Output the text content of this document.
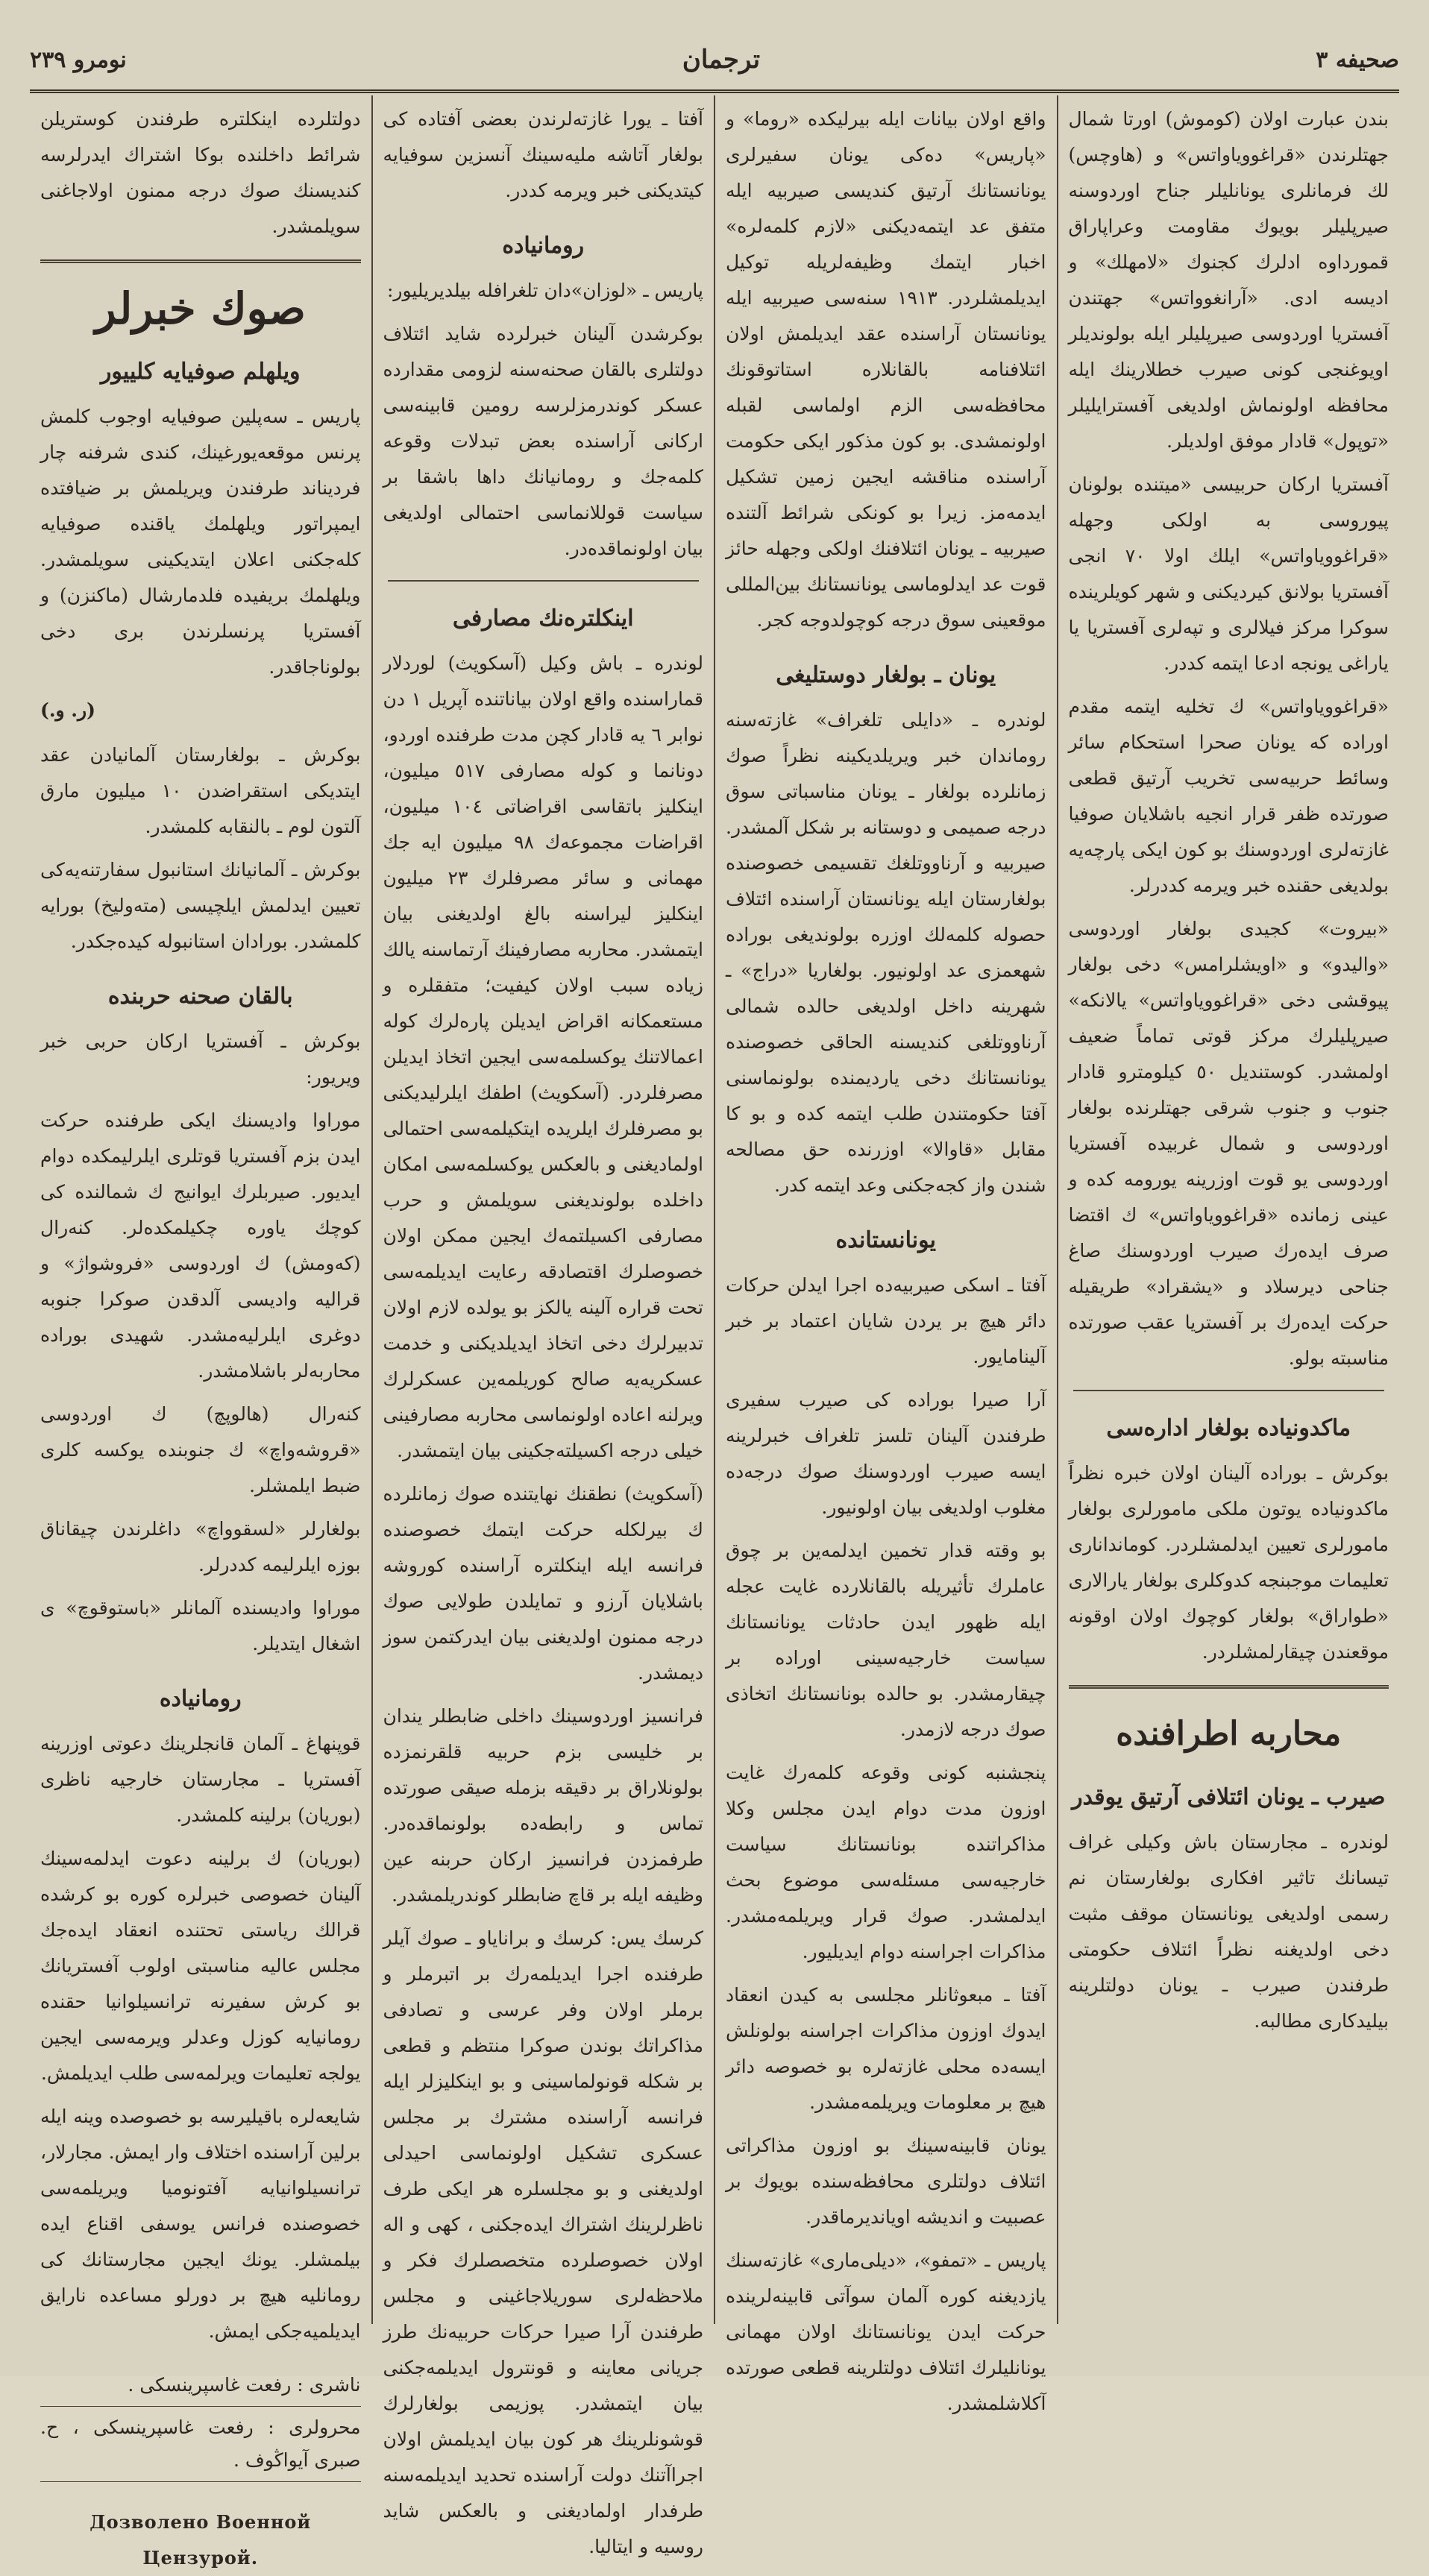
صحیفه ٣
ترجمان
نومرو ٢٣٩

بندن عبارت اولان (كوموش) اورتا شمال جهتلرندن «قراغوویاواتس» و (هاوچس) لك فرمانلری یونانلیلر جناح اوردوسنه صیرپلیلر بویوك مقاومت وعراپاراق قمورداوه ادلرك كجنوك «لامهلك» و ادیسه ادی. «آرانغوواتس» جهتندن آفستریا اوردوسی صیرپلیلر ایله بولوندیلر اویوغنجی كونی صیرب خطلارینك ایله محافظه اولونماش اولدیغی آفسترایلیلر «توپول» قادار موفق اولدیلر.

آفستریا اركان حربیسی «میتنده بولونان پیوروسی به اولكی وجهله «قراغوویاواتس» ایلك اولا ٧٠ انجی آفستریا بولانق كیردیكنی و شهر كویلرینده سوكرا مركز فیلالری و تپه‌لری آفستریا یا یاراغی یونجه ادعا ایتمه كددر.

«قراغوویاواتس» ك تخلیه ایتمه مقدم اوراده كه یونان صحرا استحكام سائر وسائط حربیه‌سی تخریب آرتیق قطعی صورتده ظفر قرار انجیه باشلایان صوفیا غازته‌لری اوردوسنك بو كون ایكی پارچه‌یه بولدیغی حقنده خبر ویرمه كددرلر.

«بیروت» كجیدی بولغار اوردوسی «والیدو» و «اویشلرامس» دخی بولغار پیوقشی دخی «قراغوویاواتس» یالانكه» صیرپلیلرك مركز قوتی تماماً ضعیف اولمشدر. كوستندیل ٥٠ كیلومترو قادار جنوب و جنوب شرقی جهتلرنده بولغار اوردوسی و شمال غربیده آفستریا اوردوسی یو قوت اوزرینه یورومه كده و عینی زمانده «قراغوویاواتس» ك اقتضا صرف ایده‌رك صیرب اوردوسنك صاغ جناحی دیرسلاد و «یشقراد» طریقیله حركت ایده‌رك بر آفستریا عقب صورتده مناسبته بولو.

ماكدونیاده بولغار اداره‌سی

بوكرش ـ بوراده آلینان اولان خبره نظراً ماكدونیاده یوتون ملكی مامورلری بولغار مامورلری تعیین ایدلمشلردر. كومانداناری تعلیمات موجبنجه كدوكلری بولغار یارالاری «طواراق» بولغار كوچوك اولان اوقونه موقعندن چیقارلمشلردر.

محاربه اطرافنده
صیرب ـ یونان ائتلافی آرتیق یوقدر

لوندره ـ مجارستان باش وكیلی غراف تیسانك تاثیر افكاری بولغارستان نم رسمی اولدیغی یونانستان موقف مثبت دخی اولدیغنه نظراً ائتلاف حكومتی طرفندن صیرب ـ یونان دولتلرینه بیلیدكاری مطالبه.

واقع اولان بیانات ایله بیرلیكده «روما» و «پاریس» ده‌كی یونان سفیرلری یونانستانك آرتیق كندیسی صیربیه ایله متفق عد ایتمه‌دیكنی «لازم كلمه‌لره» اخبار ایتمك وظیفه‌لریله توكیل ایدیلمشلردر. ١٩١٣ سنه‌سی صیربیه ایله یونانستان آراسنده عقد ایدیلمش اولان ائتلافنامه بالقانلاره استاتوقونك محافظه‌سی الزم اولماسی لقبله اولونمشدی. بو كون مذكور ایكی حكومت آراسنده مناقشه ایجین زمین تشكیل ایدمه‌مز. زیرا بو كونكی شرائط آلتنده صیربیه ـ یونان ائتلافنك اولكی وجهله حائز قوت عد ایدلوماسی یونانستانك بین‌المللی موقعینی سوق درجه كوچولدوجه كجر.

یونان ـ بولغار دوستلیغی

لوندره ـ «دایلی تلغراف» غازته‌سنه روماندان خبر ویریلدیكینه نظراً صوك زمانلرده بولغار ـ یونان مناسباتی سوق درجه صمیمی و دوستانه بر شكل آلمشدر. صیربیه و آرناووتلغك تقسیمی خصوصنده بولغارستان ایله یونانستان آراسنده ائتلاف حصوله كلمه‌لك اوزره بولوندیغی بوراده شهعمزی عد اولونیور. بولغاریا «دراج» ـ شهرینه داخل اولدیغی حالده شمالی آرناووتلغی كندیسنه الحاقی خصوصنده یونانستانك دخی یاردیمنده بولونماسنی آفتا حكومتندن طلب ایتمه كده و بو كا مقابل «قاوالا» اوزرنده حق مصالحه شندن واز كجه‌جكنی وعد ایتمه كدر.

یونانستانده

آفتا ـ اسكی صیربیه‌ده اجرا ایدلن حركات دائر هیچ بر یردن شایان اعتماد بر خبر آلینامایور.

آرا صیرا بوراده كی صیرب سفیری طرفندن آلینان تلسز تلغراف خبرلرینه ایسه صیرب اوردوسنك صوك درجه‌ده مغلوب اولدیغی بیان اولونیور.

بو وقته قدار تخمین ایدلمه‌ین بر چوق عاملرك تأثیریله بالقانلارده غایت عجله ایله ظهور ایدن حادثات یونانستانك سیاست خارجیه‌سینی اوراده بر چیقارمشدر. بو حالده بونانستانك اتخاذی صوك درجه لازمدر.

پنجشنبه كونی وقوعه كلمه‌رك غایت اوزون مدت دوام ایدن مجلس وكلا مذاكراتنده بونانستانك سیاست خارجیه‌سی مسئله‌سی موضوع بحث ایدلمشدر. صوك قرار ویریلمه‌مشدر. مذاكرات اجراسنه دوام ایدیلیور.

آفتا ـ مبعوثانلر مجلسی به كیدن انعقاد ایدوك اوزون مذاكرات اجراسنه بولونلش ایسه‌ده محلی غازته‌لره بو خصوصه دائر هیچ بر معلومات ویریلمه‌مشدر.

یونان قابینه‌سینك بو اوزون مذاكراتی ائتلاف دولتلری محافظه‌سنده بویوك بر عصبیت و اندیشه اویاندیرماقدر.

پاریس ـ «تمفو»، «دیلی‌ماری» غازته‌سنك یازدیغنه كوره آلمان سوآتی قابینه‌لرینده حركت ایدن یونانستانك اولان مهمانی یونانلیلرك ائتلاف دولتلرینه قطعی صورتده آكلاشلمشدر.

آفتا ـ یورا غازته‌لرندن بعضی آفتاده كی بولغار آتاشه ملیه‌سینك آنسزین سوفیایه كیتدیكنی خبر ویرمه كددر.

رومانیاده

پاریس ـ «لوزان»دان تلغرافله بیلدیریلیور:

بوكرشدن آلینان خبرلرده شاید ائتلاف دولتلری بالقان صحنه‌سنه لزومی مقدارده عسكر كوندرمزلرسه رومین قابینه‌سی اركانی آراسنده بعض تبدلات وقوعه كلمه‌جك و رومانیانك داها باشقا بر سیاست قوللانماسی احتمالی اولدیغی بیان اولونماقده‌در.

اینكلتره‌نك مصارفی

لوندره ـ باش وكیل (آسكویث) لوردلار قمارا‌سنده واقع اولان بیاناتنده آپریل ١ دن نوابر ٦ یه قادار كچن مدت طرفنده اوردو، دونانما و كوله مصارفی ٥١٧ میلیون، اینكلیز باتقاسی اقراضاتی ١٠٤ میلیون، اقراضات مجموعه‌ك ٩٨ میلیون ایه جك مهمانی و سائر مصرفلرك ٢٣ میلیون اینكلیز لیراسنه بالغ اولدیغنی بیان ایتمشدر. محاربه مصارفینك آرتماسنه یالك زیاده سبب اولان كیفیت؛ متفقلره و مستعمكانه اقراض ایدیلن پاره‌لرك كوله اعمالاتنك یوكسلمه‌سی ایجین اتخاذ ایدیلن مصرفلردر. (آسكویث) اطفك ایلرلیدیكنی بو مصرفلرك ایلریده ایتكیلمه‌سی احتمالی اولمادیغنی و بالعكس یوكسلمه‌سی امكان داخلده بولوندیغنی سویلمش و حرب مصارفی اكسیلتمه‌ك ایجین ممكن اولان خصوصلرك اقتصادقه رعایت ایدیلمه‌سی تحت قراره آلینه یالكز بو یولده لازم اولان تدبیرلرك دخی اتخاذ ایدیلدیكنی و خدمت عسكریه‌یه صالح كوریلمه‌ین عسكرلرك ویرلنه اعاده اولونماسی محاربه مصارفینی خیلی درجه اكسیلته‌جكینی بیان ایتمشدر.

(آسكویث) نطقنك نهایتنده صوك زمانلرده ك بیرلكله حركت ایتمك خصوصنده فرانسه ایله اینكلتره آراسنده كوروشه باشلایان آرزو و تمایلدن طولایی صوك درجه ممنون اولدیغنی بیان ایدركتمن سوز دیمشدر.

فرانسیز اوردوسینك داخلی ضابطلر یندان بر خلیسی بزم حربیه قلقرنمزده بولونلاراق بر دقیقه بزمله صیقی صورتده تماس و رابطه‌ده بولونماقده‌در. طرفمزدن فرانسیز اركان حربنه عین وظیفه ایله بر قاچ ضابطلر كوندریلمشدر.

كرسك یس: كرسك و برانایاو ـ صوك آیلر طرفنده اجرا ایدیلمه‌رك بر اتبرملر و برملر اولان وفر عرسی و تصادفی مذاكراتك بوندن صوكرا منتظم و قطعی بر شكله قونولماسینی و بو اینكلیزلر ایله فرانسه آراسنده مشترك بر مجلس عسكری تشكیل اولونماسی احیدلی اولدیغنی و بو مجلسلره هر ایكی طرف ناظرلرینك اشتراك ایده‌جكنی ، كهی و اله اولان خصوصلرده متخصصلرك فكر و ملاحظه‌لری سوریلاجاغینی و مجلس طرفندن آرا صیرا حركات حربیه‌نك طرز جریانی معاینه و قونترول ایدیلمه‌جكنی بیان ایتمشدر. پوزیمی بولغارلرك قوشونلرینك هر كون بیان ایدیلمش اولان اجراآتنك دولت آراسنده تحدید ایدیلمه‌سنه طرفدار اولمادیغنی و بالعكس شاید روسیه و ایتالیا.

دولتلرده اینكلتره طرفندن كوستریلن شرائط داخلنده بوكا اشتراك ایدرلرسه كندیسنك صوك درجه ممنون اولاجاغنی سویلمشدر.

صوك خبرلر
ویلهلم صوفیایه كلییور

پاریس ـ سه‌پلین صوفیایه اوجوب كلمش پرنس موقعه‌یورغینك، كندی شرفنه چار فردیناند طرفندن ویریلمش بر ضیافتده ایمپراتور ویلهلمك یاقنده صوفیایه كله‌جكنی اعلان ایتدیكینی سویلمشدر. ویلهلمك بریفیده فلدمارشال (ماكنزن) و آفستریا پرنسلرندن بری دخی بولوناجاقدر.

(ر. و.)

بوكرش ـ بولغارستان آلمانیادن عقد ایتدیكی استقراضدن ١٠ میلیون مارق آلتون لوم ـ بالنقابه كلمشدر.

بوكرش ـ آلمانیانك استانبول سفارتنه‌یه‌كی تعیین ایدلمش ایلچیسی (مته‌ولیخ) بورایه كلمشدر. بورادان استانبوله كیده‌جكدر.

بالقان صحنه حربنده

بوكرش ـ آفستریا اركان حربی خبر ویریور:

موراوا وادیسنك ایكی طرفنده حركت ایدن بزم آفستریا قوتلری ایلرلیمكده دوام ایدیور. صیربلرك ایوانیج ك شمالنده كی كوچك یاوره چكیلمكده‌لر. كنه‌رال (كه‌ومش) ك اوردوسی «فروشواژ» و قرالیه وادیسی آلدقدن صوكرا جنوبه دوغری ایلرلیه‌مشدر. شهیدی بوراده محاربه‌لر باشلامشدر.

كنه‌رال (هالوپچ) ك اوردوسی «قروشه‌واچ» ك جنوبنده یوكسه كلری ضبط ایلمشلر.

بولغارلر «لسقوواچ» داغلرندن چیقاناق بوزه ایلرلیمه كددرلر.

موراوا وادیسنده آلمانلر «باستوقوچ» ی اشغال ایتدیلر.

رومانیاده

قوپنهاغ ـ آلمان قانجلرینك دعوتی اوزرینه آفستریا ـ مجارستان خارجیه ناظری (بوریان) برلینه كلمشدر.

(بوریان) ك برلینه دعوت ایدلمه‌سینك آلینان خصوصی خبرلره كوره بو كرشده قرالك ریاستی تحتنده انعقاد ایده‌جك مجلس عالیه مناسبتی اولوب آفستریانك بو كرش سفیرنه ترانسیلوانیا حقنده رومانیایه كوزل وعدلر ویرمه‌سی ایجین یولجه تعلیمات ویرلمه‌سی طلب ایدیلمش.

شایعه‌لره باقیلیرسه بو خصوصده وینه ایله برلین آراسنده اختلاف وار ایمش. مجارلار، ترانسیلوانیایه آفتونومیا ویریلمه‌سی خصوصنده فرانس یوسفی اقناع ایده بیلمشلر. یونك ایجین مجارستانك كی رومانلیه هیچ بر دورلو مساعده نارایق ایدیلمیه‌جكی ایمش.

ناشری : رفعت غاسپرینسكی .
محرولری : رفعت غاسپرینسكی ، ح. صبری آیواڭوف .
Дозволено Военной Цензурой.
